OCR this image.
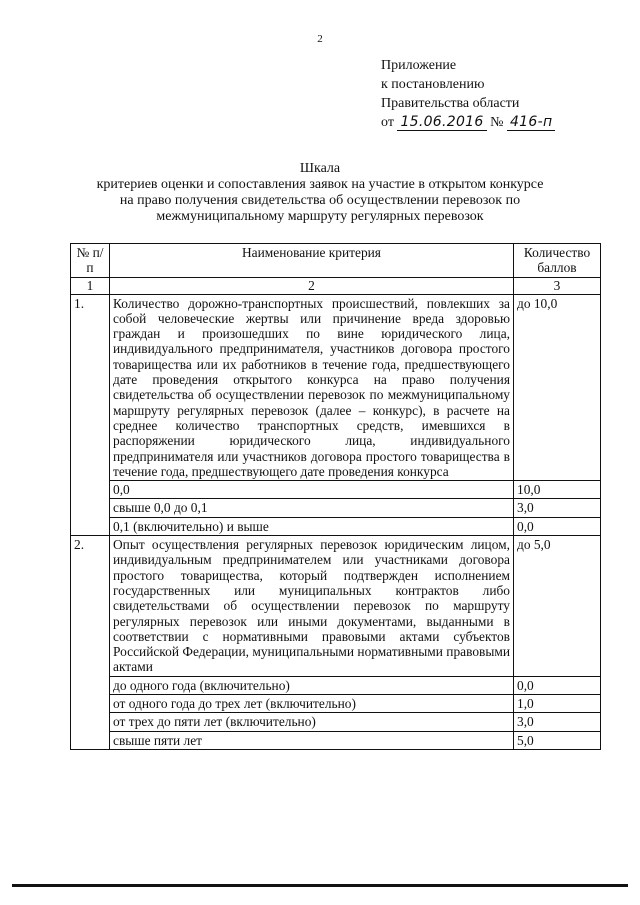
2
Приложение
к постановлению
Правительства области
от 15.06.2016 № 416-п
Шкала
критериев оценки и сопоставления заявок на участие в открытом конкурсе
на право получения свидетельства об осуществлении перевозок по
межмуниципальному маршруту регулярных перевозок
№ п/п	Наименование критерия	Количество баллов
1	2	3
1.	Количество дорожно-транспортных происшествий, повлекших за собой человеческие жертвы или причинение вреда здоровью граждан и произошедших по вине юридического лица, индивидуального предпринимателя, участников договора простого товарищества или их работников в течение года, предшествующего дате проведения открытого конкурса на право получения свидетельства об осуществлении перевозок по межмуниципальному маршруту регулярных перевозок (далее – конкурс), в расчете на среднее количество транспортных средств, имевшихся в распоряжении юридического лица, индивидуального предпринимателя или участников договора простого товарищества в течение года, предшествующего дате проведения конкурса	до 10,0
	0,0	10,0
	свыше 0,0 до 0,1	3,0
	0,1 (включительно) и выше	0,0
2.	Опыт осуществления регулярных перевозок юридическим лицом, индивидуальным предпринимателем или участниками договора простого товарищества, который подтвержден исполнением государственных или муниципальных контрактов либо свидетельствами об осуществлении перевозок по маршруту регулярных перевозок или иными документами, выданными в соответствии с нормативными правовыми актами субъектов Российской Федерации, муниципальными нормативными правовыми актами	до 5,0
	до одного года (включительно)	0,0
	от одного года до трех лет (включительно)	1,0
	от трех до пяти лет (включительно)	3,0
	свыше пяти лет	5,0
